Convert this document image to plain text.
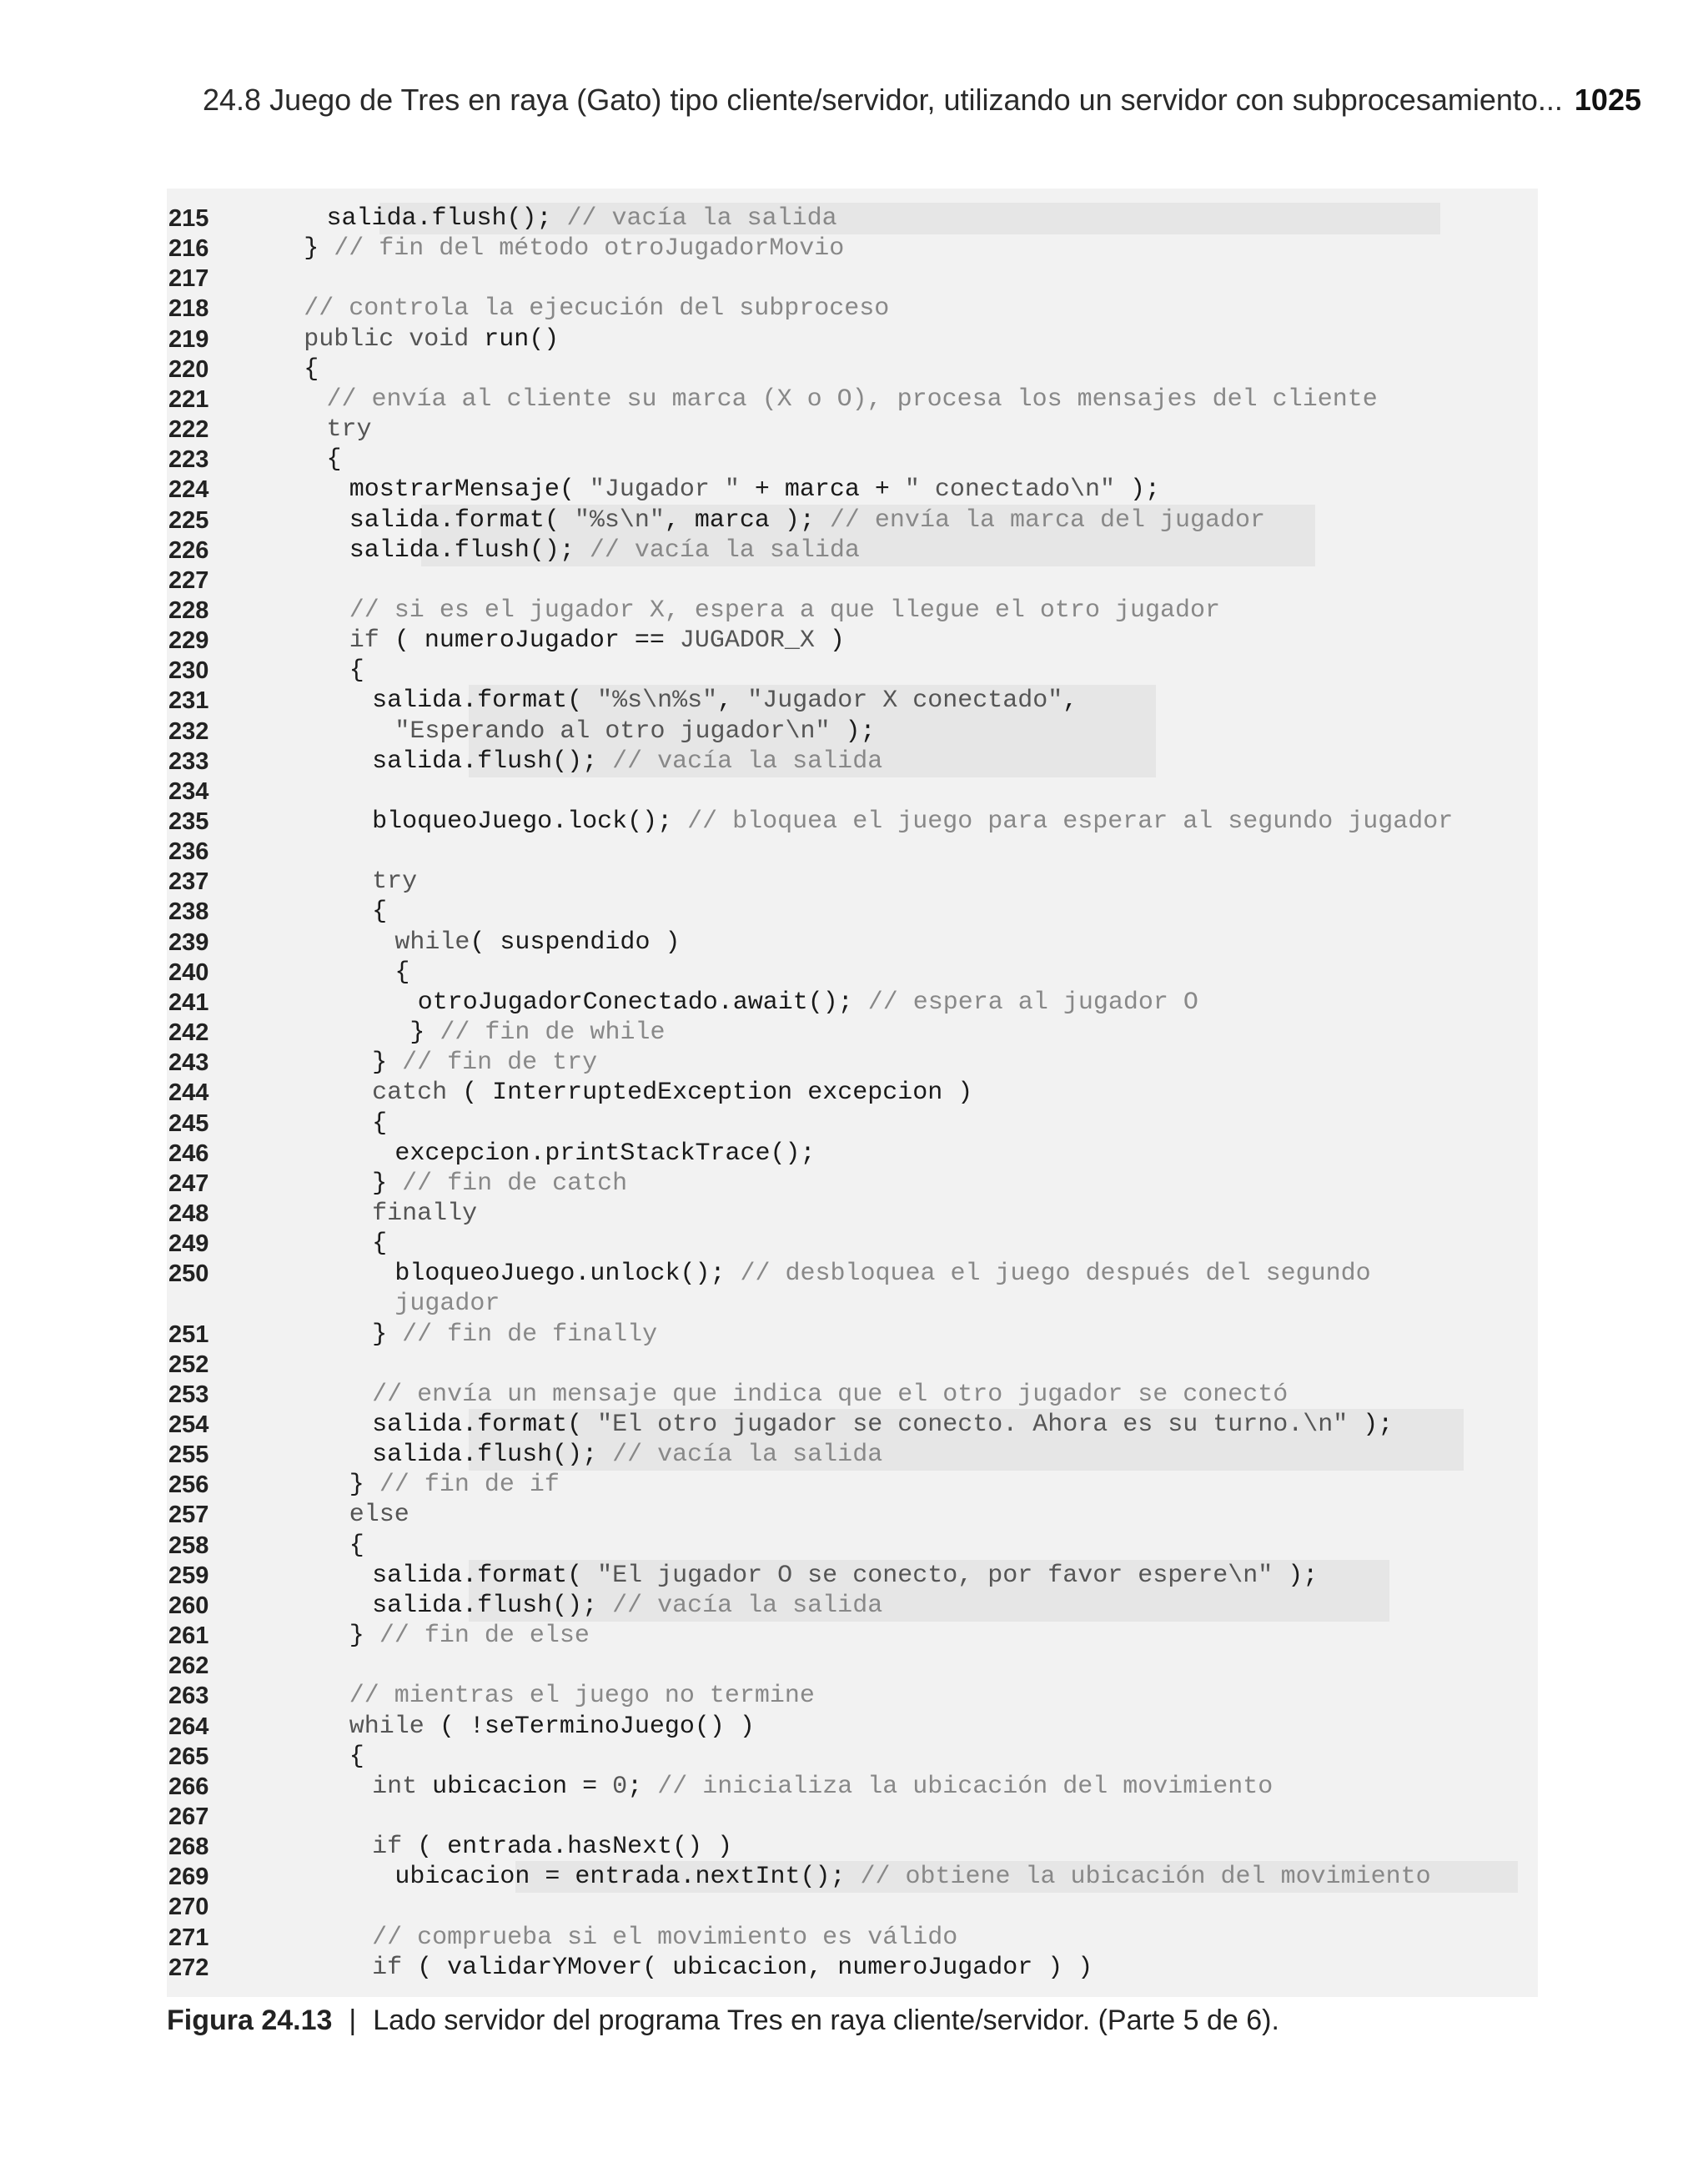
24.8 Juego de Tres en raya (Gato) tipo cliente/servidor, utilizando un servidor con subprocesamiento... 1025
215	salida.flush(); // vacía la salida
216	} // fin del método otroJugadorMovio
217
218	// controla la ejecución del subproceso
219	public void run()
220	{
221	// envía al cliente su marca (X o O), procesa los mensajes del cliente
222	try
223	{
224	mostrarMensaje( "Jugador " + marca + " conectado\n" );
225	salida.format( "%s\n", marca ); // envía la marca del jugador
226	salida.flush(); // vacía la salida
227
228	// si es el jugador X, espera a que llegue el otro jugador
229	if ( numeroJugador == JUGADOR_X )
230	{
231	salida.format( "%s\n%s", "Jugador X conectado",
232	"Esperando al otro jugador\n" );
233	salida.flush(); // vacía la salida
234
235	bloqueoJuego.lock(); // bloquea el juego para esperar al segundo jugador
236
237	try
238	{
239	while( suspendido )
240	{
241	otroJugadorConectado.await(); // espera al jugador O
242	} // fin de while
243	} // fin de try
244	catch ( InterruptedException excepcion )
245	{
246	excepcion.printStackTrace();
247	} // fin de catch
248	finally
249	{
250	bloqueoJuego.unlock(); // desbloquea el juego después del segundo
jugador
251	} // fin de finally
252
253	// envía un mensaje que indica que el otro jugador se conectó
254	salida.format( "El otro jugador se conecto. Ahora es su turno.\n" );
255	salida.flush(); // vacía la salida
256	} // fin de if
257	else
258	{
259	salida.format( "El jugador O se conecto, por favor espere\n" );
260	salida.flush(); // vacía la salida
261	} // fin de else
262
263	// mientras el juego no termine
264	while ( !seTerminoJuego() )
265	{
266	int ubicacion = 0; // inicializa la ubicación del movimiento
267
268	if ( entrada.hasNext() )
269	ubicacion = entrada.nextInt(); // obtiene la ubicación del movimiento
270
271	// comprueba si el movimiento es válido
272	if ( validarYMover( ubicacion, numeroJugador ) )
Figura 24.13 | Lado servidor del programa Tres en raya cliente/servidor. (Parte 5 de 6).
